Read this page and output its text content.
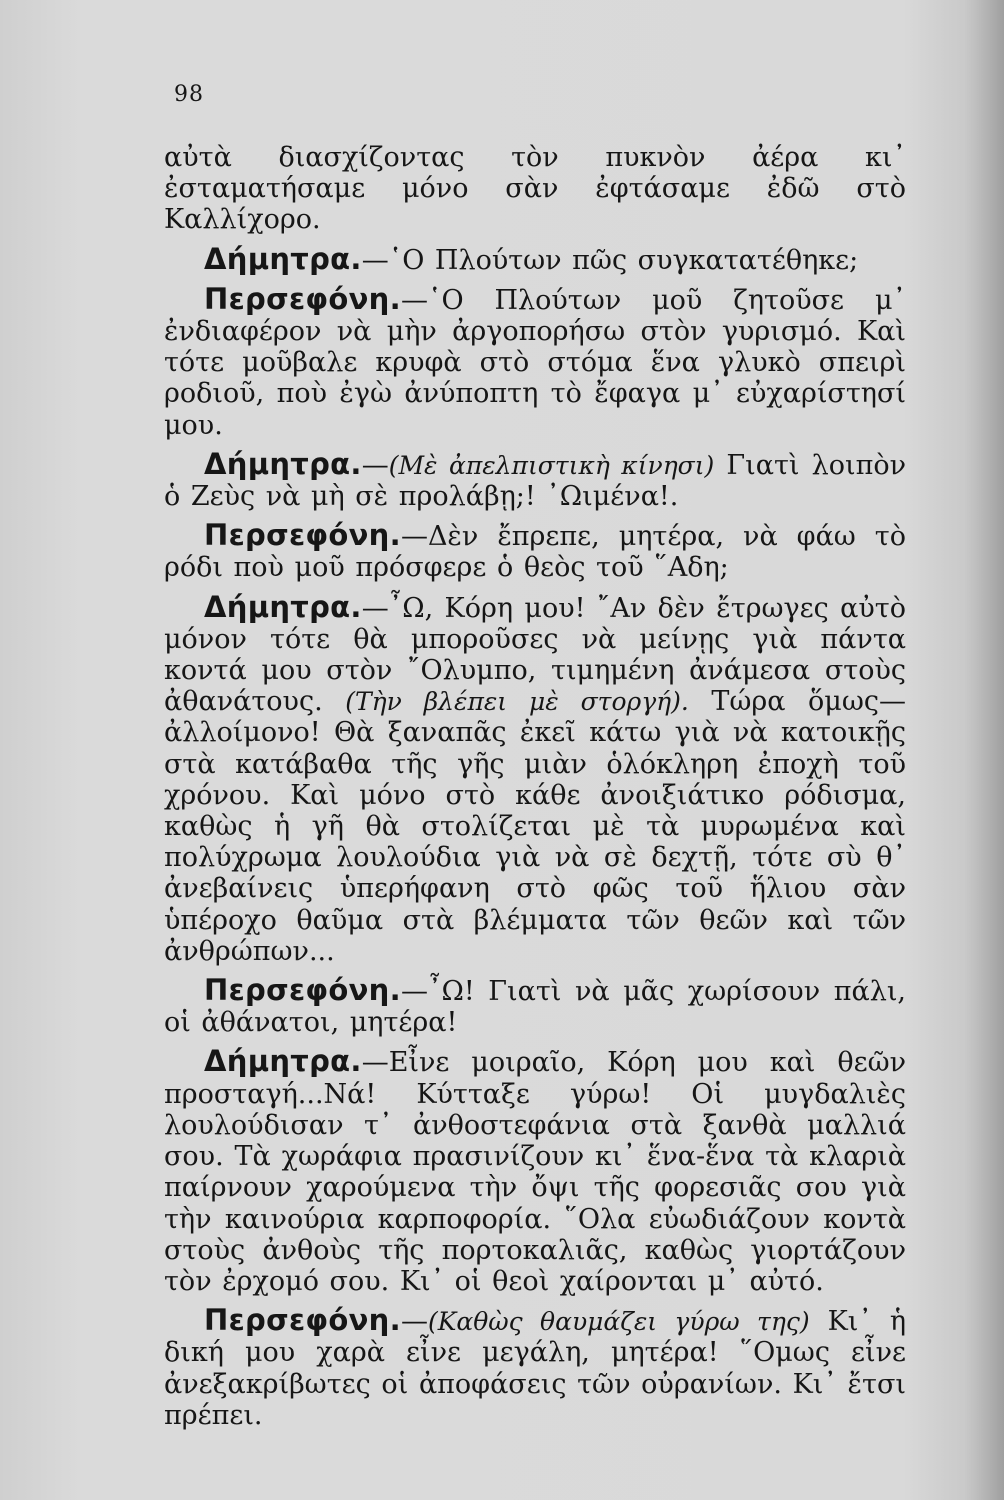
98

αὐτὰ διασχίζοντας τὸν πυκνὸν ἀέρα κι᾿ ἐσταματήσαμε μόνο σὰν ἐφτάσαμε ἐδῶ στὸ Καλλίχορο.

Δήμητρα.—῾Ο Πλούτων πῶς συγκατατέθηκε;

Περσεφόνη.—῾Ο Πλούτων μοῦ ζητοῦσε μ᾿ ἐνδιαφέρον νὰ μὴν ἀργοπορήσω στὸν γυρισμό. Καὶ τότε μοῦβαλε κρυφὰ στὸ στόμα ἕνα γλυκὸ σπειρὶ ροδιοῦ, ποὺ ἐγὼ ἀνύποπτη τὸ ἔφαγα μ᾿ εὐχαρίστησί μου.

Δήμητρα.—(Μὲ ἀπελπιστικὴ κίνησι) Γιατὶ λοιπὸν ὁ Ζεὺς νὰ μὴ σὲ προλάβῃ;! ᾿Ωιμένα!.

Περσεφόνη.—Δὲν ἔπρεπε, μητέρα, νὰ φάω τὸ ρόδι ποὺ μοῦ πρόσφερε ὁ θεὸς τοῦ ῞Αδη;

Δήμητρα.—῏Ω, Κόρη μου! ῎Αν δὲν ἔτρωγες αὐτὸ μόνον τότε θὰ μποροῦσες νὰ μείνῃς γιὰ πάντα κοντά μου στὸν ῎Ολυμπο, τιμημένη ἀνάμεσα στοὺς ἀθανάτους. (Τὴν βλέπει μὲ στοργή). Τώρα ὅμως—ἀλλοίμονο! Θὰ ξαναπᾶς ἐκεῖ κάτω γιὰ νὰ κατοικῇς στὰ κατάβαθα τῆς γῆς μιὰν ὁλόκληρη ἐποχὴ τοῦ χρόνου. Καὶ μόνο στὸ κάθε ἀνοιξιάτικο ρόδισμα, καθὼς ἡ γῆ θὰ στολίζεται μὲ τὰ μυρωμένα καὶ πολύχρωμα λουλούδια γιὰ νὰ σὲ δεχτῇ, τότε σὺ θ᾿ ἀνεβαίνεις ὑπερήφανη στὸ φῶς τοῦ ἥλιου σὰν ὑπέροχο θαῦμα στὰ βλέμματα τῶν θεῶν καὶ τῶν ἀνθρώπων...

Περσεφόνη.—῏Ω! Γιατὶ νὰ μᾶς χωρίσουν πάλι, οἱ ἀθάνατοι, μητέρα!

Δήμητρα.—Εἶνε μοιραῖο, Κόρη μου καὶ θεῶν προσταγή...Νά! Κύτταξε γύρω! Οἱ μυγδαλιὲς λουλούδισαν τ᾿ ἀνθοστεφάνια στὰ ξανθὰ μαλλιά σου. Τὰ χωράφια πρασινίζουν κι᾿ ἕνα-ἕνα τὰ κλαριὰ παίρνουν χαρούμενα τὴν ὄψι τῆς φορεσιᾶς σου γιὰ τὴν καινούρια καρποφορία. ῞Ολα εὐωδιάζουν κοντὰ στοὺς ἀνθοὺς τῆς πορτοκαλιᾶς, καθὼς γιορτάζουν τὸν ἐρχομό σου. Κι᾿ οἱ θεοὶ χαίρονται μ᾿ αὐτό.

Περσεφόνη.—(Καθὼς θαυμάζει γύρω της) Κι᾿ ἡ δική μου χαρὰ εἶνε μεγάλη, μητέρα! ῞Ομως εἶνε ἀνεξακρίβωτες οἱ ἀποφάσεις τῶν οὐρανίων. Κι᾿ ἔτσι πρέπει.
